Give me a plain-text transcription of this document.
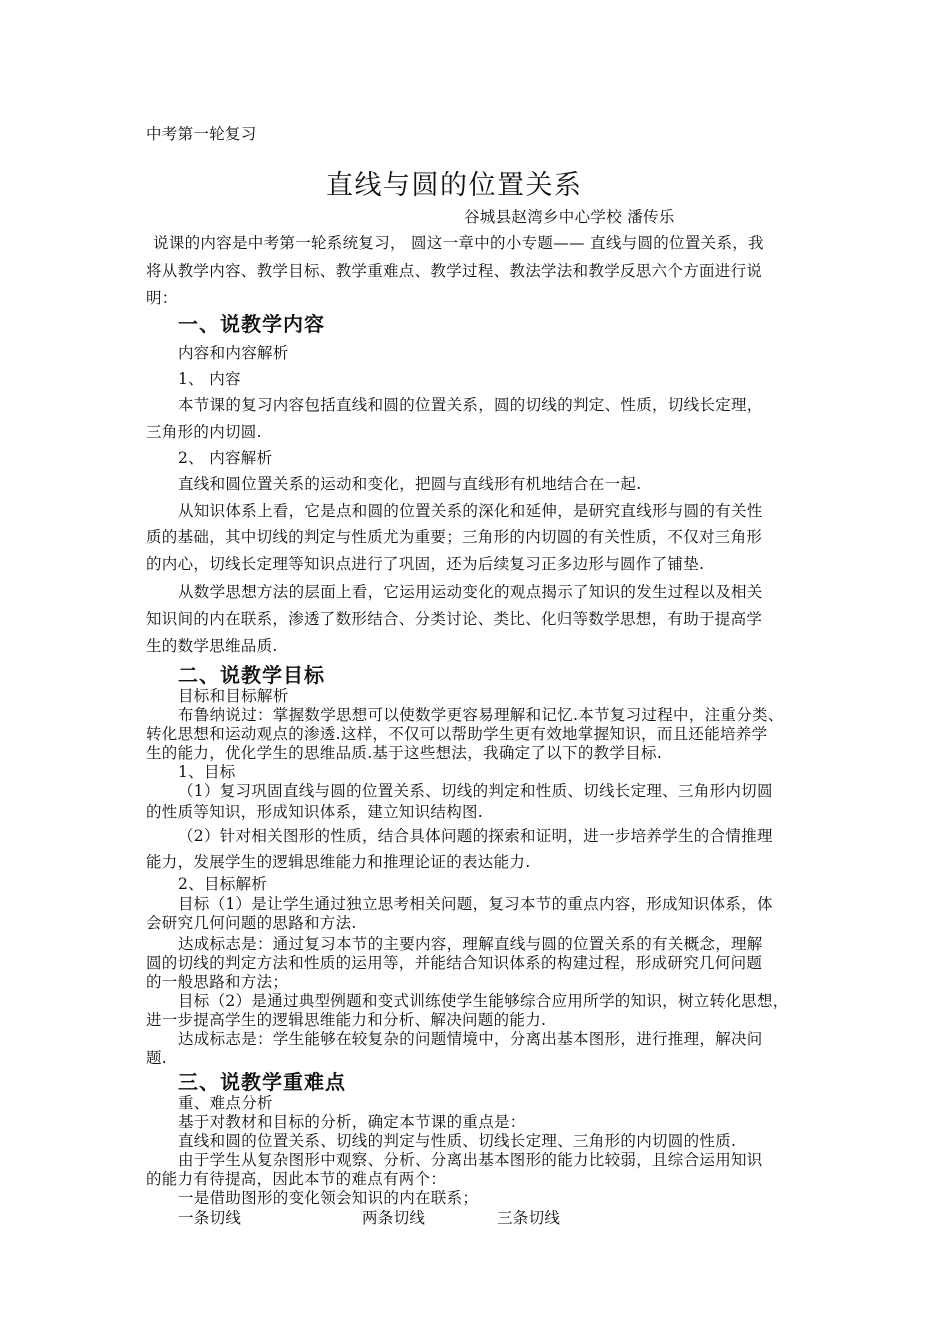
中考第一轮复习

直线与圆的位置关系

谷城县赵湾乡中心学校 潘传乐

说课的内容是中考第一轮系统复习， 圆这一章中的小专题—— 直线与圆的位置关系，我

将从教学内容、教学目标、教学重难点、教学过程、教法学法和教学反思六个方面进行说

明：

一、说教学内容

内容和内容解析

1、 内容

本节课的复习内容包括直线和圆的位置关系，圆的切线的判定、性质，切线长定理，

三角形的内切圆.

2、 内容解析

直线和圆位置关系的运动和变化，把圆与直线形有机地结合在一起.

从知识体系上看，它是点和圆的位置关系的深化和延伸，是研究直线形与圆的有关性

质的基础，其中切线的判定与性质尤为重要；三角形的内切圆的有关性质，不仅对三角形

的内心，切线长定理等知识点进行了巩固，还为后续复习正多边形与圆作了铺垫.

从数学思想方法的层面上看，它运用运动变化的观点揭示了知识的发生过程以及相关

知识间的内在联系，渗透了数形结合、分类讨论、类比、化归等数学思想，有助于提高学

生的数学思维品质.

二、说教学目标

目标和目标解析

布鲁纳说过：掌握数学思想可以使数学更容易理解和记忆.本节复习过程中，注重分类、

转化思想和运动观点的渗透.这样，不仅可以帮助学生更有效地掌握知识，而且还能培养学

生的能力，优化学生的思维品质.基于这些想法，我确定了以下的教学目标.

1、目标

（1）复习巩固直线与圆的位置关系、切线的判定和性质、切线长定理、三角形内切圆

的性质等知识，形成知识体系，建立知识结构图.

（2）针对相关图形的性质，结合具体问题的探索和证明，进一步培养学生的合情推理

能力，发展学生的逻辑思维能力和推理论证的表达能力.

2、目标解析

目标（1）是让学生通过独立思考相关问题，复习本节的重点内容，形成知识体系，体

会研究几何问题的思路和方法.

达成标志是：通过复习本节的主要内容，理解直线与圆的位置关系的有关概念，理解

圆的切线的判定方法和性质的运用等，并能结合知识体系的构建过程，形成研究几何问题

的一般思路和方法；

目标（2）是通过典型例题和变式训练使学生能够综合应用所学的知识，树立转化思想，

进一步提高学生的逻辑思维能力和分析、解决问题的能力.

达成标志是：学生能够在较复杂的问题情境中，分离出基本图形，进行推理，解决问

题.

三、说教学重难点

重、难点分析

基于对教材和目标的分析，确定本节课的重点是：

直线和圆的位置关系、切线的判定与性质、切线长定理、三角形的内切圆的性质.

由于学生从复杂图形中观察、分析、分离出基本图形的能力比较弱，且综合运用知识

的能力有待提高，因此本节的难点有两个：

一是借助图形的变化领会知识的内在联系；

一条切线	两条切线	三条切线
